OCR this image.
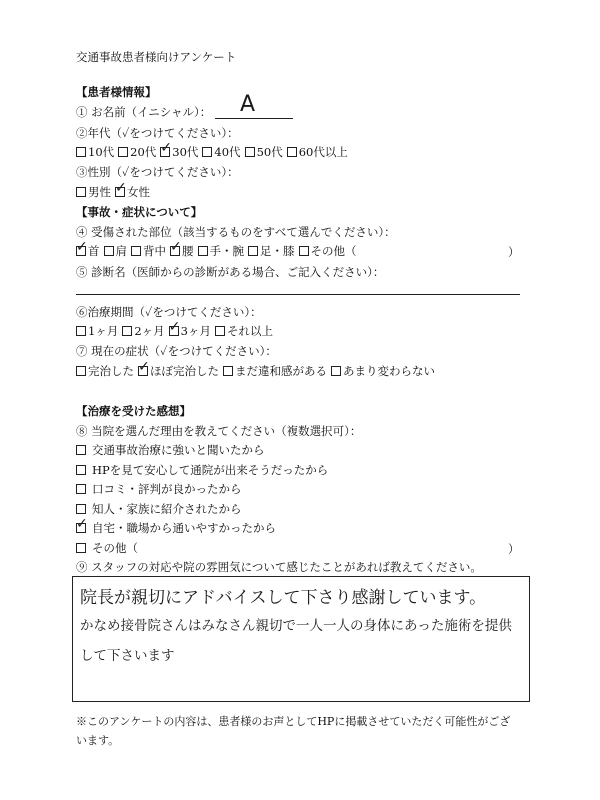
交通事故患者様向けアンケート
【患者様情報】
① お名前（イニシャル）： A
②年代（✓をつけてください）：
10代 20代 ✓ 30代 40代 50代 60代以上
③性別（✓をつけてください）：
男性 ✓ 女性
【事故・症状について】
④ 受傷された部位（該当するものをすべて選んでください）：
✓ 首 肩 背中 ✓ 腰 手・腕 足・膝 その他（	）
⑤ 診断名（医師からの診断がある場合、ご記入ください）：
⑥治療期間（✓をつけてください）：
1ヶ月 2ヶ月 ✓ 3ヶ月 それ以上
⑦ 現在の症状（✓をつけてください）：
完治した ✓ ほぼ完治した まだ違和感がある あまり変わらない
【治療を受けた感想】
⑧ 当院を選んだ理由を教えてください（複数選択可）：
交通事故治療に強いと聞いたから
HPを見て安心して通院が出来そうだったから
口コミ・評判が良かったから
知人・家族に紹介されたから
✓ 自宅・職場から通いやすかったから
その他（	）
⑨ スタッフの対応や院の雰囲気について感じたことがあれば教えてください。
院長が親切にアドバイスして下さり感謝しています。
かなめ接骨院さんはみなさん親切で一人一人の身体にあった施術を提供
して下さいます
※このアンケートの内容は、患者様のお声としてHPに掲載させていただく可能性がござ
います。
